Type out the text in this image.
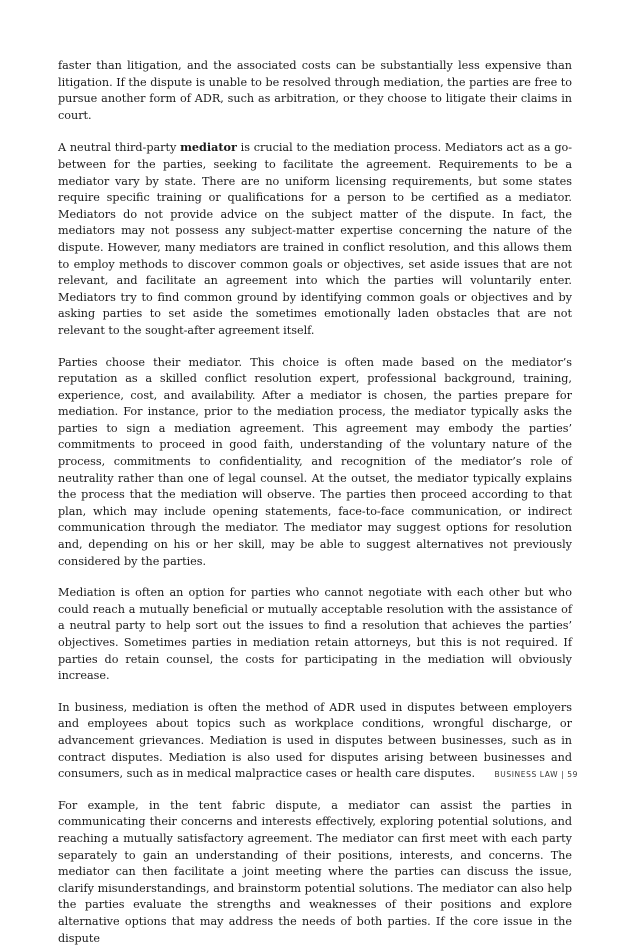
faster than litigation, and the associated costs can be substantially less expensive than litigation. If the dispute is unable to be resolved through mediation, the parties are free to pursue another form of ADR, such as arbitration, or they choose to litigate their claims in court.

A neutral third-party mediator is crucial to the mediation process. Mediators act as a go-between for the parties, seeking to facilitate the agreement. Requirements to be a mediator vary by state. There are no uniform licensing requirements, but some states require specific training or qualifications for a person to be certified as a mediator. Mediators do not provide advice on the subject matter of the dispute. In fact, the mediators may not possess any subject-matter expertise concerning the nature of the dispute. However, many mediators are trained in conflict resolution, and this allows them to employ methods to discover common goals or objectives, set aside issues that are not relevant, and facilitate an agreement into which the parties will voluntarily enter. Mediators try to find common ground by identifying common goals or objectives and by asking parties to set aside the sometimes emotionally laden obstacles that are not relevant to the sought-after agreement itself.

Parties choose their mediator. This choice is often made based on the mediator’s reputation as a skilled conflict resolution expert, professional background, training, experience, cost, and availability. After a mediator is chosen, the parties prepare for mediation. For instance, prior to the mediation process, the mediator typically asks the parties to sign a mediation agreement. This agreement may embody the parties’ commitments to proceed in good faith, understanding of the voluntary nature of the process, commitments to confidentiality, and recognition of the mediator’s role of neutrality rather than one of legal counsel. At the outset, the mediator typically explains the process that the mediation will observe. The parties then proceed according to that plan, which may include opening statements, face-to-face communication, or indirect communication through the mediator. The mediator may suggest options for resolution and, depending on his or her skill, may be able to suggest alternatives not previously considered by the parties.

Mediation is often an option for parties who cannot negotiate with each other but who could reach a mutually beneficial or mutually acceptable resolution with the assistance of a neutral party to help sort out the issues to find a resolution that achieves the parties’ objectives. Sometimes parties in mediation retain attorneys, but this is not required. If parties do retain counsel, the costs for participating in the mediation will obviously increase.

In business, mediation is often the method of ADR used in disputes between employers and employees about topics such as workplace conditions, wrongful discharge, or advancement grievances. Mediation is used in disputes between businesses, such as in contract disputes. Mediation is also used for disputes arising between businesses and consumers, such as in medical malpractice cases or health care disputes.

For example, in the tent fabric dispute, a mediator can assist the parties in communicating their concerns and interests effectively, exploring potential solutions, and reaching a mutually satisfactory agreement. The mediator can first meet with each party separately to gain an understanding of their positions, interests, and concerns. The mediator can then facilitate a joint meeting where the parties can discuss the issue, clarify misunderstandings, and brainstorm potential solutions. The mediator can also help the parties evaluate the strengths and weaknesses of their positions and explore alternative options that may address the needs of both parties. If the core issue in the dispute

BUSINESS LAW | 59
